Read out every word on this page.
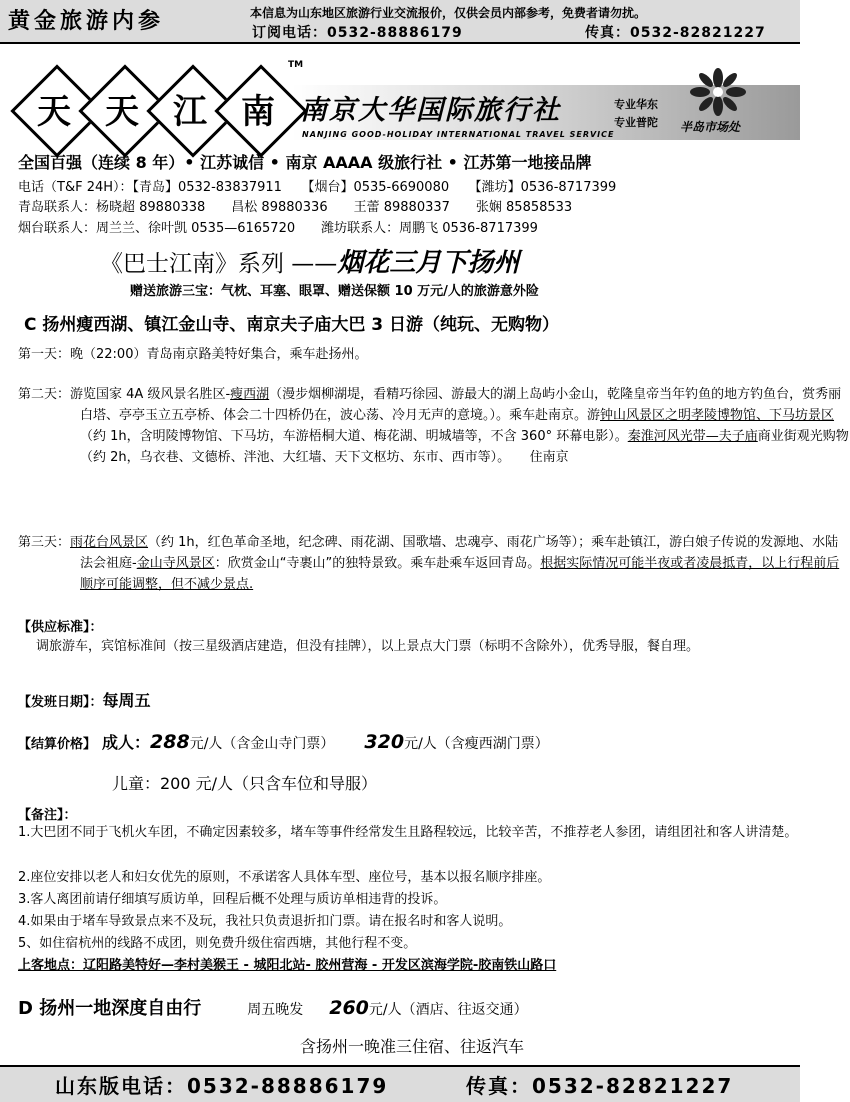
黄金旅游内参	本信息为山东地区旅游行业交流报价，仅供会员内部参考，免费者请勿扰。
订阅电话：0532-88886179	传真：0532-82821227
天	天	江	南
TM
南京大华国际旅行社
NANJING GOOD-HOLIDAY INTERNATIONAL TRAVEL SERVICE
专业华东
专业普陀 半岛市场处
全国百强（连续 8 年）• 江苏诚信 • 南京 AAAA 级旅行社 • 江苏第一地接品牌
电话（T&F 24H）：【青岛】0532-83837911　　【烟台】0535-6690080　　【潍坊】0536-8717399
青岛联系人：杨晓超 89880338　　昌松 89880336　　王蕾 89880337　　张娴 85858533
烟台联系人：周兰兰、徐叶凯 0535—6165720　　潍坊联系人：周鹏飞 0536-8717399
《巴士江南》系列 ——烟花三月下扬州
赠送旅游三宝：气枕、耳塞、眼罩、赠送保额 10 万元/人的旅游意外险
C 扬州瘦西湖、镇江金山寺、南京夫子庙大巴 3 日游（纯玩、无购物）
第一天：晚（22:00）青岛南京路美特好集合，乘车赴扬州。
第二天：游览国家 4A 级风景名胜区-瘦西湖（漫步烟柳湖堤，看精巧徐园、游最大的湖上岛屿小金山，乾隆皇帝当年钓鱼的地方钓鱼台，赏秀丽白塔、亭亭玉立五亭桥、体会二十四桥仍在，波心荡、冷月无声的意境。）。乘车赴南京。游钟山风景区之明孝陵博物馆、下马坊景区（约 1h，含明陵博物馆、下马坊，车游梧桐大道、梅花湖、明城墙等，不含 360° 环幕电影）。秦淮河风光带—夫子庙商业街观光购物（约 2h，乌衣巷、文德桥、泮池、大红墙、天下文枢坊、东市、西市等）。　　住南京
第三天：雨花台风景区（约 1h，红色革命圣地，纪念碑、雨花湖、国歌墙、忠魂亭、雨花广场等）；乘车赴镇江，游白娘子传说的发源地、水陆法会祖庭-金山寺风景区：欣赏金山“寺裹山”的独特景致。乘车赴乘车返回青岛。根据实际情况可能半夜或者凌晨抵青，以上行程前后顺序可能调整，但不减少景点.
【供应标准】：
调旅游车，宾馆标准间（按三星级酒店建造，但没有挂牌），以上景点大门票（标明不含除外），优秀导服，餐自理。
【发班日期】：每周五
【结算价格】 成人：288元/人（含金山寺门票） 320元/人（含瘦西湖门票）
儿童：200 元/人（只含车位和导服）
【备注】：
1.大巴团不同于飞机火车团，不确定因素较多，堵车等事件经常发生且路程较远，比较辛苦，不推荐老人参团，请组团社和客人讲清楚。
2.座位安排以老人和妇女优先的原则，不承诺客人具体车型、座位号，基本以报名顺序排座。
3.客人离团前请仔细填写质访单，回程后概不处理与质访单相违背的投诉。
4.如果由于堵车导致景点来不及玩，我社只负责退折扣门票。请在报名时和客人说明。
5、如住宿杭州的线路不成团，则免费升级住宿西塘，其他行程不变。
上客地点：辽阳路美特好—李村美猴王 - 城阳北站- 胶州营海 - 开发区滨海学院-胶南铁山路口
D 扬州一地深度自由行	周五晚发 260元/人（酒店、往返交通）
含扬州一晚准三住宿、往返汽车
山东版电话：0532-88886179	传真：0532-82821227
